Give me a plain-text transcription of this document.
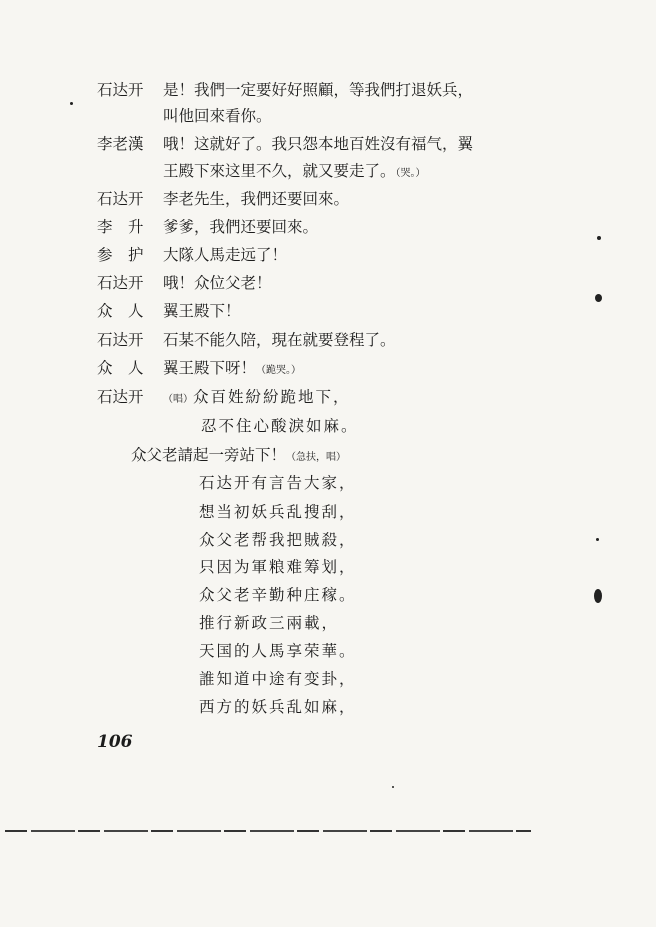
石达开 是！我們一定要好好照顧，等我們打退妖兵，
叫他回來看你。
李老漢 哦！这就好了。我只怨本地百姓沒有福气，翼
王殿下來这里不久，就又要走了。（哭。）
石达开 李老先生，我們还要回來。
李　升 爹爹，我們还要回來。
参　护 大隊人馬走远了！
石达开 哦！众位父老！
众　人 翼王殿下！
石达开 石某不能久陪，現在就要登程了。
众　人 翼王殿下呀！（跪哭。）
石达开 （唱）众百姓紛紛跪地下，
忍不住心酸淚如麻。
众父老請起一旁站下！（急扶，唱）
石达开有言告大家，
想当初妖兵乱搜刮，
众父老帮我把賊殺，
只因为軍粮难筹划，
众父老辛勤种庄稼。
推行新政三兩載，
天国的人馬享荣華。
誰知道中途有变卦，
西方的妖兵乱如麻，
106
